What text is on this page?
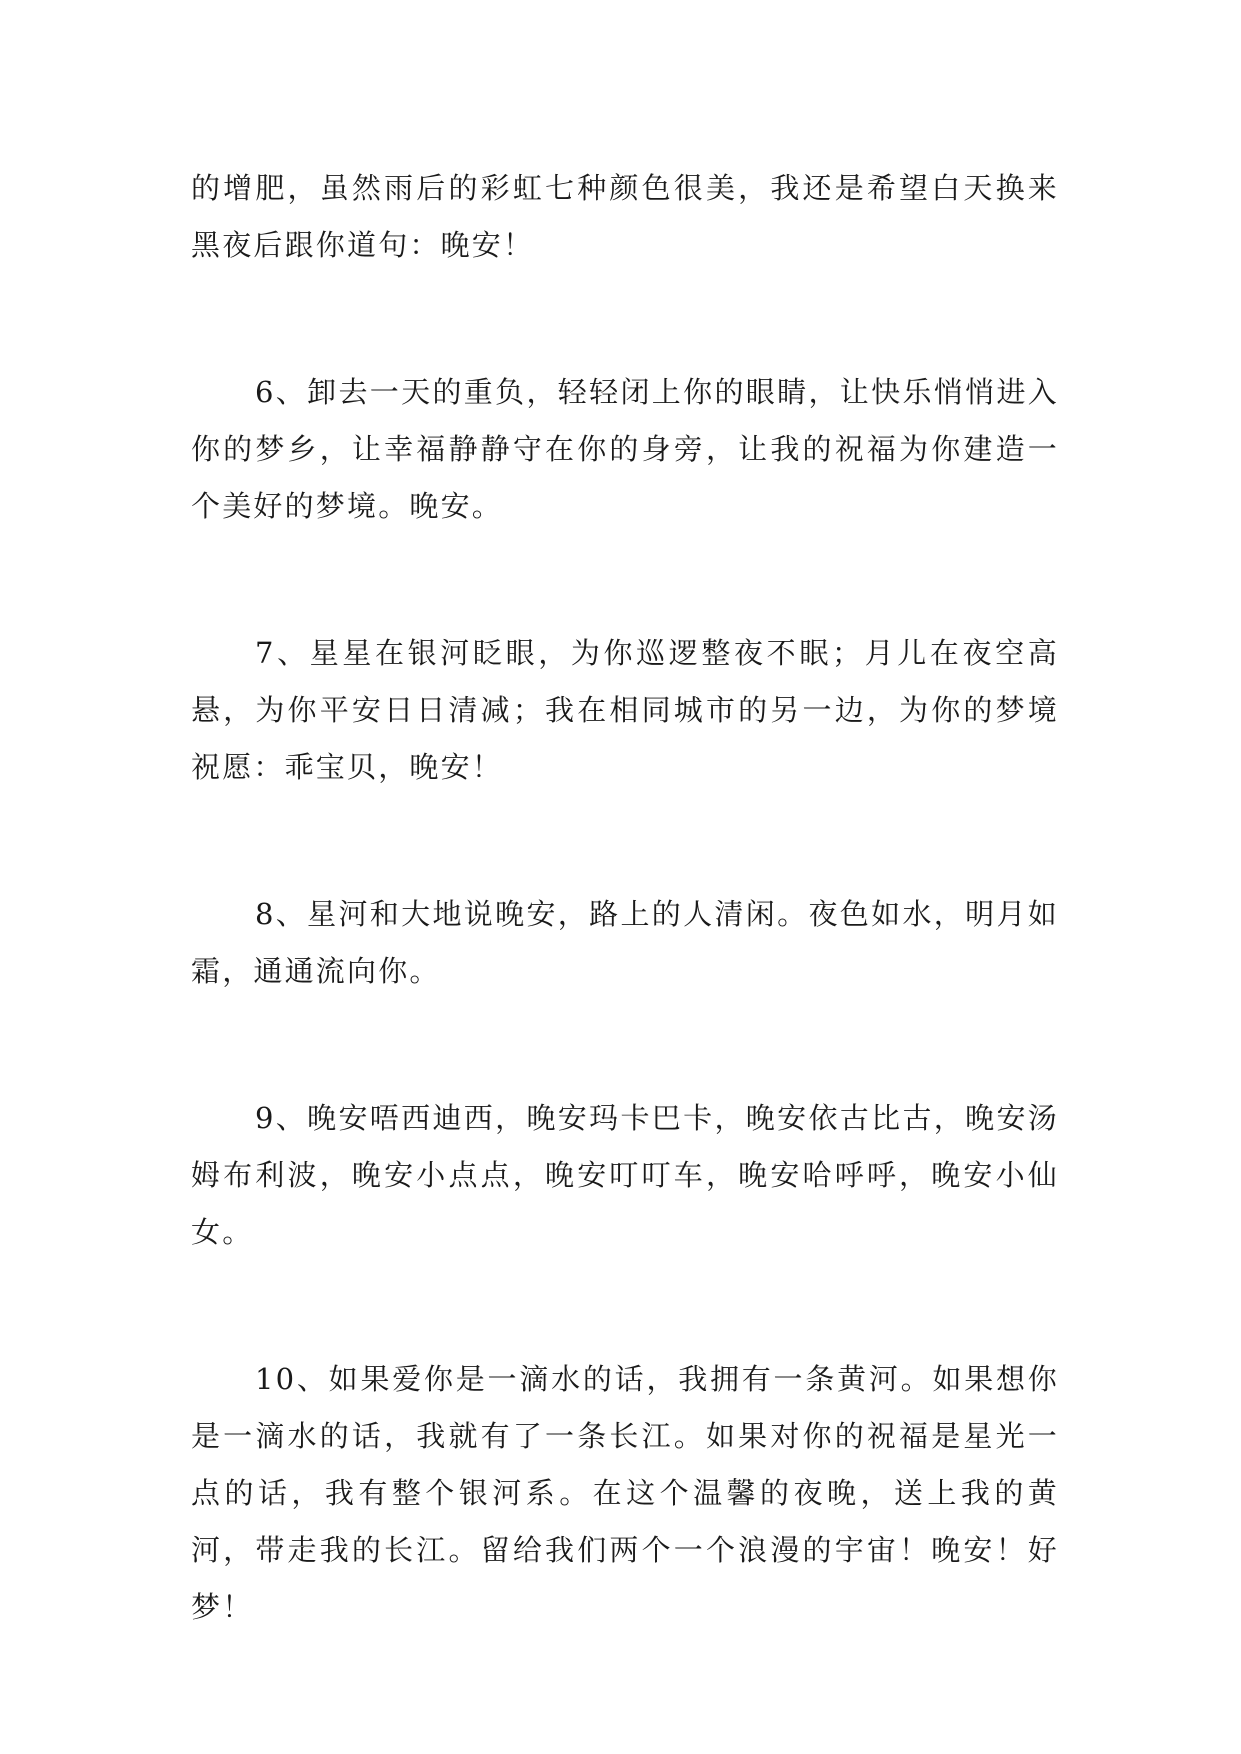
的增肥，虽然雨后的彩虹七种颜色很美，我还是希望白天换来黑夜后跟你道句：晚安！

6、卸去一天的重负，轻轻闭上你的眼睛，让快乐悄悄进入你的梦乡，让幸福静静守在你的身旁，让我的祝福为你建造一个美好的梦境。晚安。

7、星星在银河眨眼，为你巡逻整夜不眠；月儿在夜空高悬，为你平安日日清减；我在相同城市的另一边，为你的梦境祝愿：乖宝贝，晚安！

8、星河和大地说晚安，路上的人清闲。夜色如水，明月如霜，通通流向你。

9、晚安唔西迪西，晚安玛卡巴卡，晚安依古比古，晚安汤姆布利波，晚安小点点，晚安叮叮车，晚安哈呼呼，晚安小仙女。

10、如果爱你是一滴水的话，我拥有一条黄河。如果想你是一滴水的话，我就有了一条长江。如果对你的祝福是星光一点的话，我有整个银河系。在这个温馨的夜晚，送上我的黄河，带走我的长江。留给我们两个一个浪漫的宇宙！晚安！好梦！
